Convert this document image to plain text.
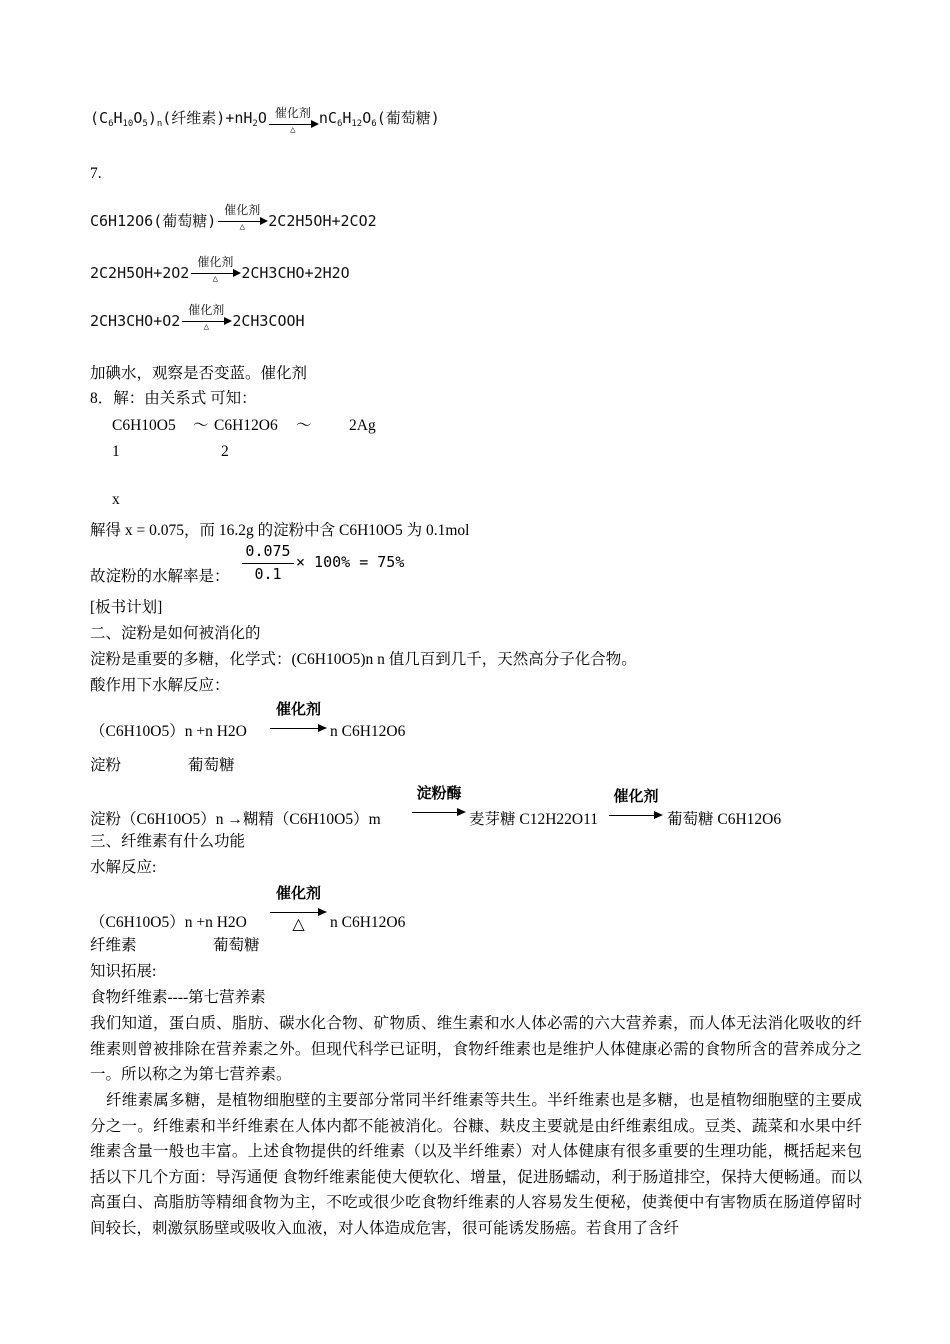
$(C_6H_{10}O_5)_n$(纤维素)$+nH_2O$ 催化剂
△
$nC_6H_{12}O_6$(葡萄糖)
7.
C6H12O6(葡萄糖)
催化剂
△	2C2H5OH+2CO2
2C2H5OH+2O2
催化剂
△	2CH3CHO+2H2O
2CH3CHO+O2
催化剂
△	2CH3COOH
加碘水，观察是否变蓝。催化剂
8．解：由关系式 可知：
C6H10O5 ～ C6H12O6 ～ 2Ag
1	2
x
解得 x = 0.075，而 16.2g 的淀粉中含 C6H10O5 为 0.1mol
故淀粉的水解率是：
0.075
0.1
× 100% = 75%
[板书计划]
二、淀粉是如何被消化的
淀粉是重要的多糖，化学式：(C6H10O5)n n 值几百到几千，天然高分子化合物。
酸作用下水解反应：
（C6H10O5）n +n H2O
催化剂
n C6H12O6
淀粉	葡萄糖
淀粉（C6H10O5）n →糊精（C6H10O5）m
淀粉酶
麦芽糖 C12H22O11
催化剂
葡萄糖 C6H12O6
三、纤维素有什么功能
水解反应:
（C6H10O5）n +n H2O
催化剂
△	n C6H12O6
纤维素	葡萄糖
知识拓展:
食物纤维素----第七营养素
我们知道，蛋白质、脂肪、碳水化合物、矿物质、维生素和水人体必需的六大营养素，而人体无法消化吸收的纤维素则曾被排除在营养素之外。但现代科学已证明，食物纤维素也是维护人体健康必需的食物所含的营养成分之一。所以称之为第七营养素。
纤维素属多糖，是植物细胞壁的主要部分常同半纤维素等共生。半纤维素也是多糖，也是植物细胞壁的主要成分之一。纤维素和半纤维素在人体内都不能被消化。谷糠、麸皮主要就是由纤维素组成。豆类、蔬菜和水果中纤维素含量一般也丰富。上述食物提供的纤维素（以及半纤维素）对人体健康有很多重要的生理功能，概括起来包括以下几个方面：导泻通便 食物纤维素能使大便软化、增量，促进肠蠕动，利于肠道排空，保持大便畅通。而以高蛋白、高脂肪等精细食物为主，不吃或很少吃食物纤维素的人容易发生便秘，使粪便中有害物质在肠道停留时间较长，刺激氛肠壁或吸收入血液，对人体造成危害，很可能诱发肠癌。若食用了含纤
